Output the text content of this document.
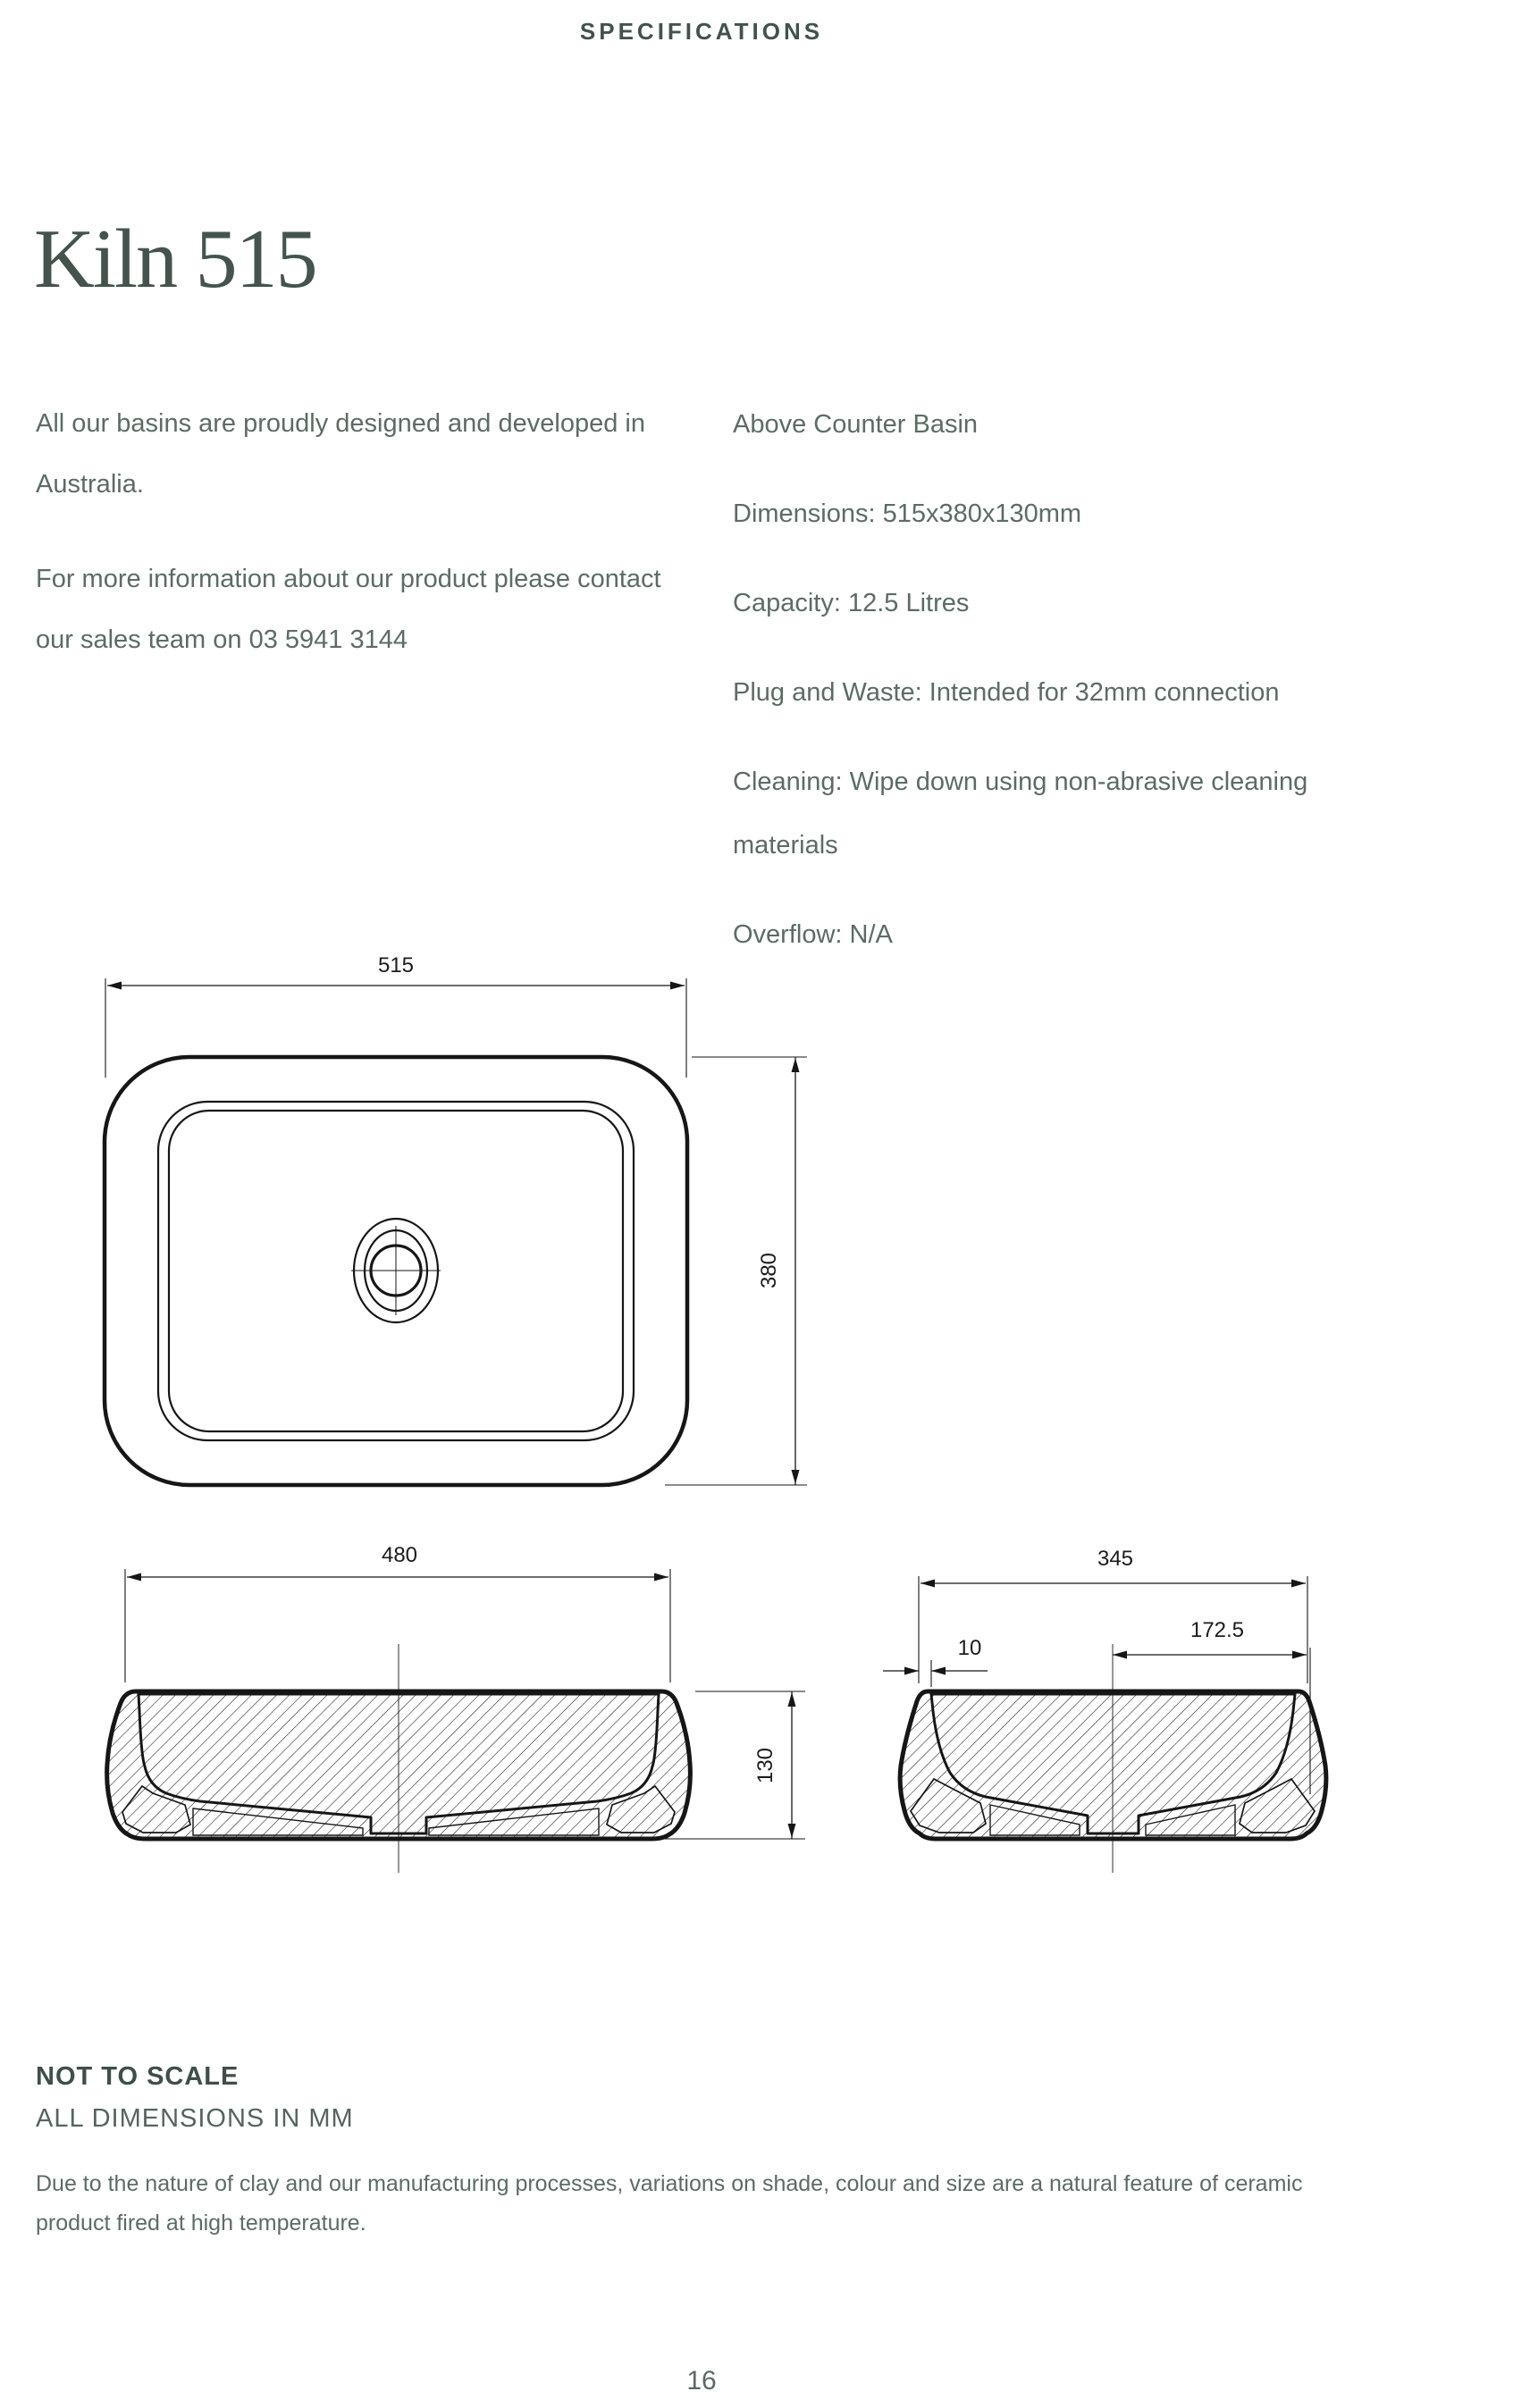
SPECIFICATIONS
Kiln 515

All our basins are proudly designed and developed in Australia.

For more information about our product please contact our sales team on 03 5941 3144

Above Counter Basin

Dimensions: 515x380x130mm

Capacity: 12.5 Litres

Plug and Waste: Intended for 32mm connection

Cleaning: Wipe down using non-abrasive cleaning materials

Overflow: N/A

515
380
480
130
345
172.5
10

NOT TO SCALE

ALL DIMENSIONS IN MM

Due to the nature of clay and our manufacturing processes, variations on shade, colour and size are a natural feature of ceramic product fired at high temperature.

16
